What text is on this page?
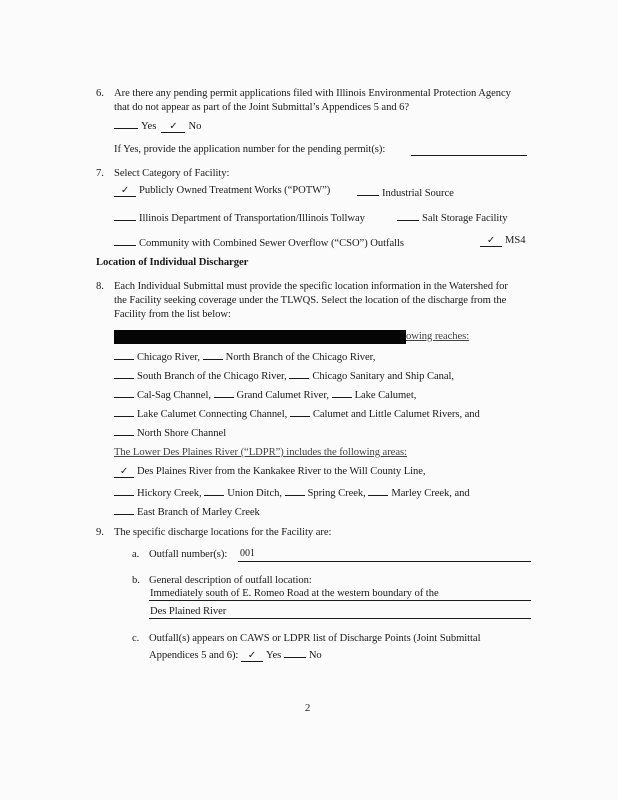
6. Are there any pending permit applications filed with Illinois Environmental Protection Agency
that do not appear as part of the Joint Submittal’s Appendices 5 and 6?
Yes ✓ No
If Yes, provide the application number for the pending permit(s):
7. Select Category of Facility:
✓ Publicly Owned Treatment Works (“POTW”)	Industrial Source
Illinois Department of Transportation/Illinois Tollway	Salt Storage Facility
Community with Combined Sewer Overflow (“CSO”) Outfalls	✓ MS4
Location of Individual Discharger
8. Each Individual Submittal must provide the specific location information in the Watershed for
the Facility seeking coverage under the TLWQS. Select the location of the discharge from the
Facility from the list below:
owing reaches:
Chicago River, North Branch of the Chicago River,
South Branch of the Chicago River, Chicago Sanitary and Ship Canal,
Cal-Sag Channel, Grand Calumet River, Lake Calumet,
Lake Calumet Connecting Channel, Calumet and Little Calumet Rivers, and
North Shore Channel
The Lower Des Plaines River (“LDPR”) includes the following areas:
✓ Des Plaines River from the Kankakee River to the Will County Line,
Hickory Creek, Union Ditch, Spring Creek, Marley Creek, and
East Branch of Marley Creek
9. The specific discharge locations for the Facility are:
a. Outfall number(s): 001
b. General description of outfall location:
Immediately south of E. Romeo Road at the western boundary of the
Des Plained River
c. Outfall(s) appears on CAWS or LDPR list of Discharge Points (Joint Submittal
Appendices 5 and 6): ✓ Yes	No
2
